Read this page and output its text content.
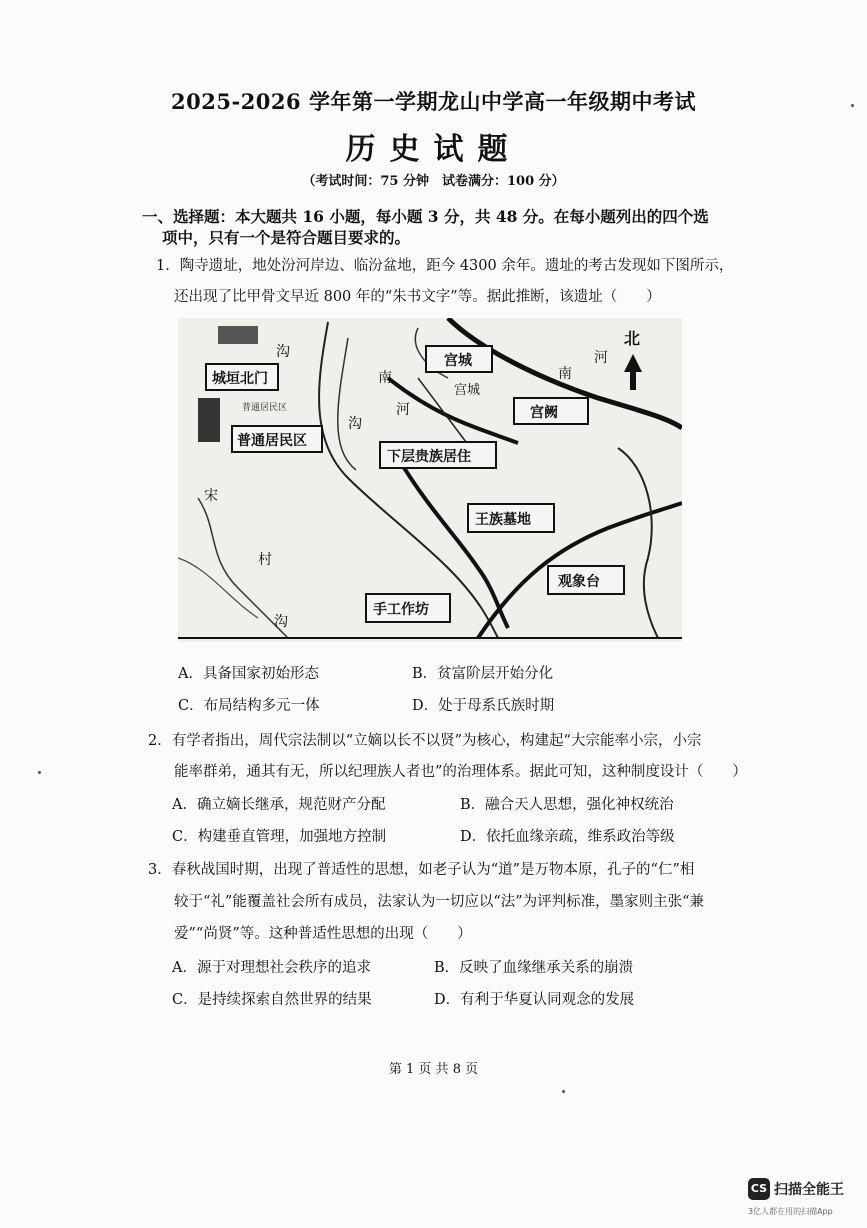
2025-2026 学年第一学期龙山中学高一年级期中考试
历史试题
（考试时间：75 分钟　试卷满分：100 分）
一、选择题：本大题共 16 小题，每小题 3 分，共 48 分。在每小题列出的四个选
项中，只有一个是符合题目要求的。
1．陶寺遗址，地处汾河岸边、临汾盆地，距今 4300 余年。遗址的考古发现如下图所示，
还出现了比甲骨文早近 800 年的“朱书文字”等。据此推断，该遗址（　　）
城垣北门
普通居民区
宫城
宫阙
下层贵族居住
王族墓地
观象台
手工作坊
普通居民区
宫城
沟
南
河
宋
村
沟
沟
南
河
北
A．具备国家初始形态	B．贫富阶层开始分化
C．布局结构多元一体	D．处于母系氏族时期
2．有学者指出，周代宗法制以“立嫡以长不以贤”为核心，构建起“大宗能率小宗，小宗
能率群弟，通其有无，所以纪理族人者也”的治理体系。据此可知，这种制度设计（　　）
A．确立嫡长继承，规范财产分配	B．融合天人思想，强化神权统治
C．构建垂直管理，加强地方控制	D．依托血缘亲疏，维系政治等级
3．春秋战国时期，出现了普适性的思想，如老子认为“道”是万物本原，孔子的“仁”相
较于“礼”能覆盖社会所有成员，法家认为一切应以“法”为评判标准，墨家则主张“兼
爱”“尚贤”等。这种普适性思想的出现（　　）
A．源于对理想社会秩序的追求	B．反映了血缘继承关系的崩溃
C．是持续探索自然世界的结果	D．有利于华夏认同观念的发展
第 1 页 共 8 页
CS 扫描全能王
3亿人都在用的扫描App
